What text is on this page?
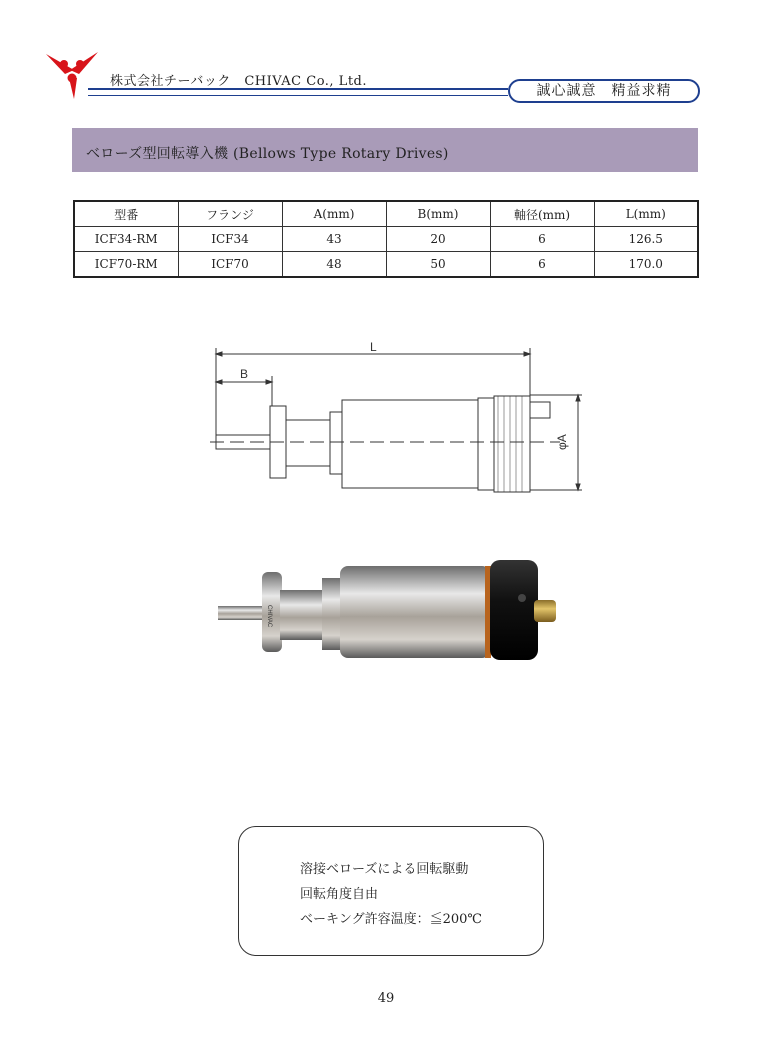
株式会社チーバック　CHIVAC Co., Ltd.
誠心誠意　精益求精
ベローズ型回転導入機 (Bellows Type Rotary Drives)
型番	フランジ	A(mm)	B(mm)	軸径(mm)	L(mm)
ICF34-RM	ICF34	43	20	6	126.5
ICF70-RM	ICF70	48	50	6	170.0
L
B
φA
CHIVAC
溶接ベローズによる回転駆動
回転角度自由
ベーキング許容温度：≦200℃
49
